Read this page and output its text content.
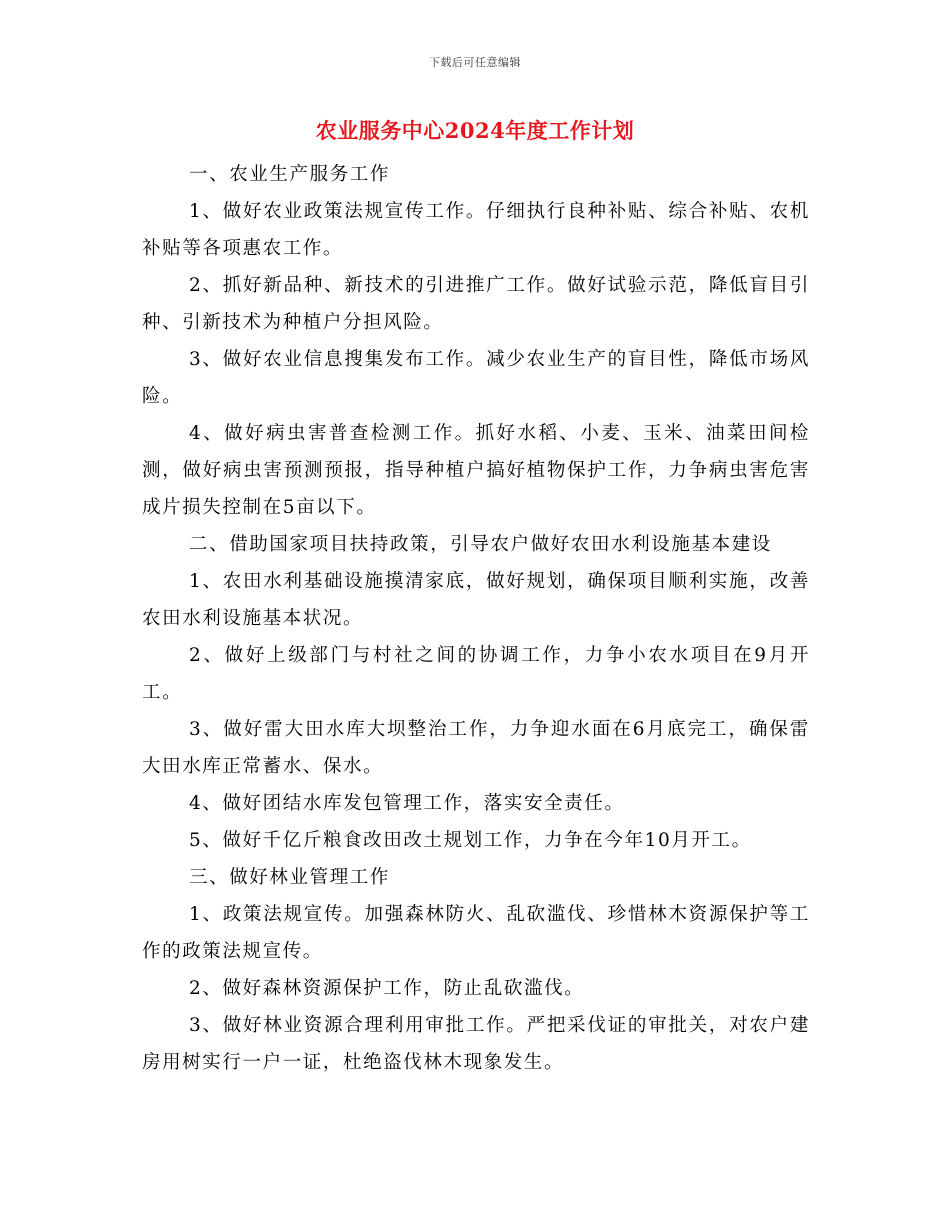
下载后可任意编辑
农业服务中心2024年度工作计划

一、农业生产服务工作

1、做好农业政策法规宣传工作。仔细执行良种补贴、综合补贴、农机补贴等各项惠农工作。

2、抓好新品种、新技术的引进推广工作。做好试验示范，降低盲目引种、引新技术为种植户分担风险。

3、做好农业信息搜集发布工作。减少农业生产的盲目性，降低市场风险。

4、做好病虫害普查检测工作。抓好水稻、小麦、玉米、油菜田间检测，做好病虫害预测预报，指导种植户搞好植物保护工作，力争病虫害危害成片损失控制在5亩以下。

二、借助国家项目扶持政策，引导农户做好农田水利设施基本建设

1、农田水利基础设施摸清家底，做好规划，确保项目顺利实施，改善农田水利设施基本状况。

2、做好上级部门与村社之间的协调工作，力争小农水项目在9月开工。

3、做好雷大田水库大坝整治工作，力争迎水面在6月底完工，确保雷大田水库正常蓄水、保水。

4、做好团结水库发包管理工作，落实安全责任。

5、做好千亿斤粮食改田改土规划工作，力争在今年10月开工。

三、做好林业管理工作

1、政策法规宣传。加强森林防火、乱砍滥伐、珍惜林木资源保护等工作的政策法规宣传。

2、做好森林资源保护工作，防止乱砍滥伐。

3、做好林业资源合理利用审批工作。严把采伐证的审批关，对农户建房用树实行一户一证，杜绝盗伐林木现象发生。
